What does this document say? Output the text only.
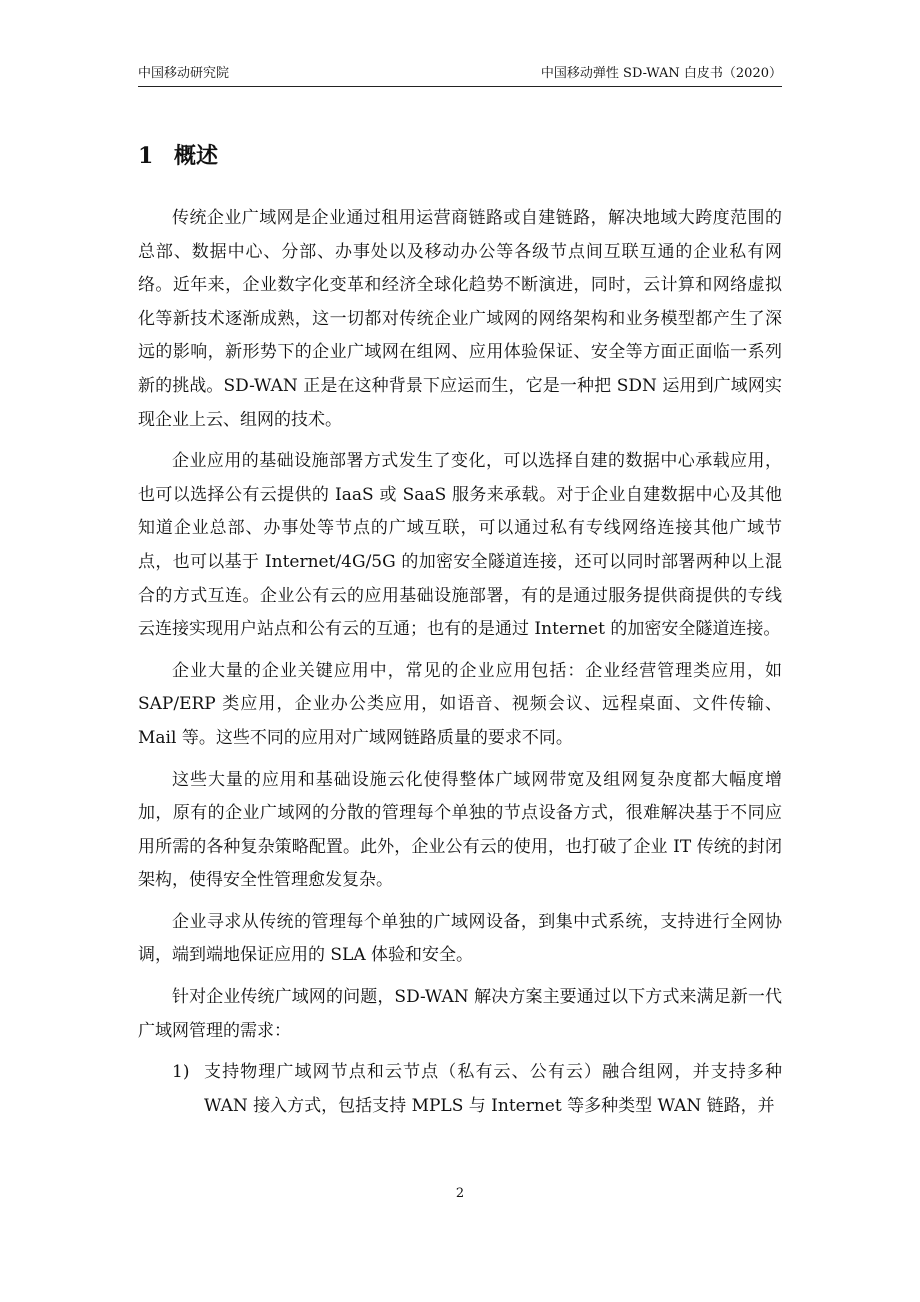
中国移动研究院	中国移动弹性 SD-WAN 白皮书（2020）
1 概述

传统企业广域网是企业通过租用运营商链路或自建链路，解决地域大跨度范围的总部、数据中心、分部、办事处以及移动办公等各级节点间互联互通的企业私有网络。近年来，企业数字化变革和经济全球化趋势不断演进，同时，云计算和网络虚拟化等新技术逐渐成熟，这一切都对传统企业广域网的网络架构和业务模型都产生了深远的影响，新形势下的企业广域网在组网、应用体验保证、安全等方面正面临一系列新的挑战。SD-WAN 正是在这种背景下应运而生，它是一种把 SDN 运用到广域网实现企业上云、组网的技术。

企业应用的基础设施部署方式发生了变化，可以选择自建的数据中心承载应用，也可以选择公有云提供的 IaaS 或 SaaS 服务来承载。对于企业自建数据中心及其他知道企业总部、办事处等节点的广域互联，可以通过私有专线网络连接其他广域节点，也可以基于 Internet/4G/5G 的加密安全隧道连接，还可以同时部署两种以上混合的方式互连。企业公有云的应用基础设施部署，有的是通过服务提供商提供的专线云连接实现用户站点和公有云的互通；也有的是通过 Internet 的加密安全隧道连接。

企业大量的企业关键应用中，常见的企业应用包括：企业经营管理类应用，如 SAP/ERP 类应用，企业办公类应用，如语音、视频会议、远程桌面、文件传输、Mail 等。这些不同的应用对广域网链路质量的要求不同。

这些大量的应用和基础设施云化使得整体广域网带宽及组网复杂度都大幅度增加，原有的企业广域网的分散的管理每个单独的节点设备方式，很难解决基于不同应用所需的各种复杂策略配置。此外，企业公有云的使用，也打破了企业 IT 传统的封闭架构，使得安全性管理愈发复杂。

企业寻求从传统的管理每个单独的广域网设备，到集中式系统，支持进行全网协调，端到端地保证应用的 SLA 体验和安全。

针对企业传统广域网的问题，SD-WAN 解决方案主要通过以下方式来满足新一代广域网管理的需求：

1) 支持物理广域网节点和云节点（私有云、公有云）融合组网，并支持多种 WAN 接入方式，包括支持 MPLS 与 Internet 等多种类型 WAN 链路，并

2
